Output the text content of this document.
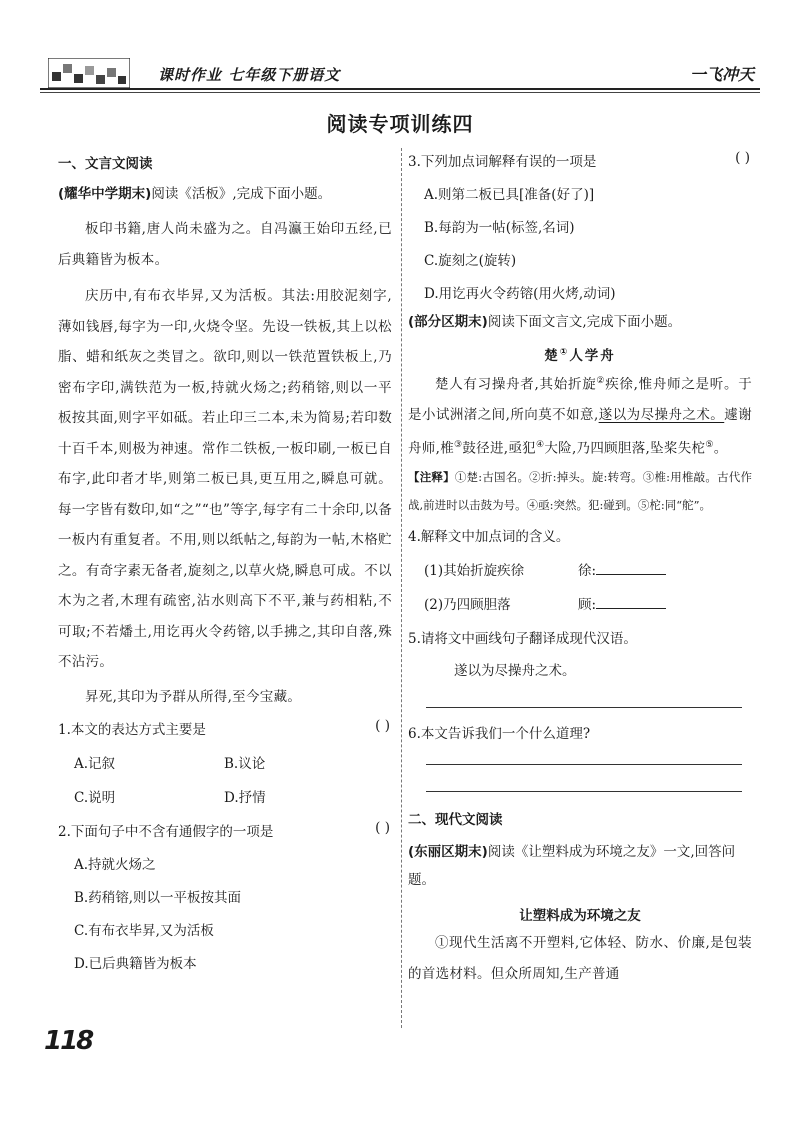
课时作业 七年级下册语文	一飞冲天
阅读专项训练四
一、文言文阅读
(耀华中学期末)阅读《活板》,完成下面小题。
板印书籍,唐人尚未盛为之。自冯瀛王始印五经,已后典籍皆为板本。
庆历中,有布衣毕昇,又为活板。其法:用胶泥刻字,薄如钱唇,每字为一印,火烧令坚。先设一铁板,其上以松脂、蜡和纸灰之类冒之。欲印,则以一铁范置铁板上,乃密布字印,满铁范为一板,持就火炀之;药稍镕,则以一平板按其面,则字平如砥。若止印三二本,未为简易;若印数十百千本,则极为神速。常作二铁板,一板印刷,一板已自布字,此印者才毕,则第二板已具,更互用之,瞬息可就。每一字皆有数印,如“之”“也”等字,每字有二十余印,以备一板内有重复者。不用,则以纸帖之,每韵为一帖,木格贮之。有奇字素无备者,旋刻之,以草火烧,瞬息可成。不以木为之者,木理有疏密,沾水则高下不平,兼与药相粘,不可取;不若燔土,用讫再火令药镕,以手拂之,其印自落,殊不沾污。
昇死,其印为予群从所得,至今宝藏。
1.本文的表达方式主要是	( )
A.记叙	B.议论
C.说明	D.抒情
2.下面句子中不含有通假字的一项是	( )
A.持就火炀之
B.药稍镕,则以一平板按其面
C.有布衣毕昇,又为活板
D.已后典籍皆为板本
3.下列加点词解释有误的一项是	( )
A.则第二板已具[准备(好了)]
B.每韵为一帖(标签,名词)
C.旋刻之(旋转)
D.用讫再火令药镕(用火烤,动词)
(部分区期末)阅读下面文言文,完成下面小题。
楚①人学舟
楚人有习操舟者,其始折旋②疾徐,惟舟师之是听。于是小试洲渚之间,所向莫不如意,遂以为尽操舟之术。遽谢舟师,椎③鼓径进,亟犯④大险,乃四顾胆落,坠桨失柁⑤。
【注释】①楚:古国名。②折:掉头。旋:转弯。③椎:用椎敲。古代作战,前进时以击鼓为号。④亟:突然。犯:碰到。⑤柁:同“舵”。
4.解释文中加点词的含义。
(1)其始折旋疾徐	徐:
(2)乃四顾胆落	顾:
5.请将文中画线句子翻译成现代汉语。
遂以为尽操舟之术。
6.本文告诉我们一个什么道理?
二、现代文阅读
(东丽区期末)阅读《让塑料成为环境之友》一文,回答问题。
让塑料成为环境之友
①现代生活离不开塑料,它体轻、防水、价廉,是包装的首选材料。但众所周知,生产普通
118
